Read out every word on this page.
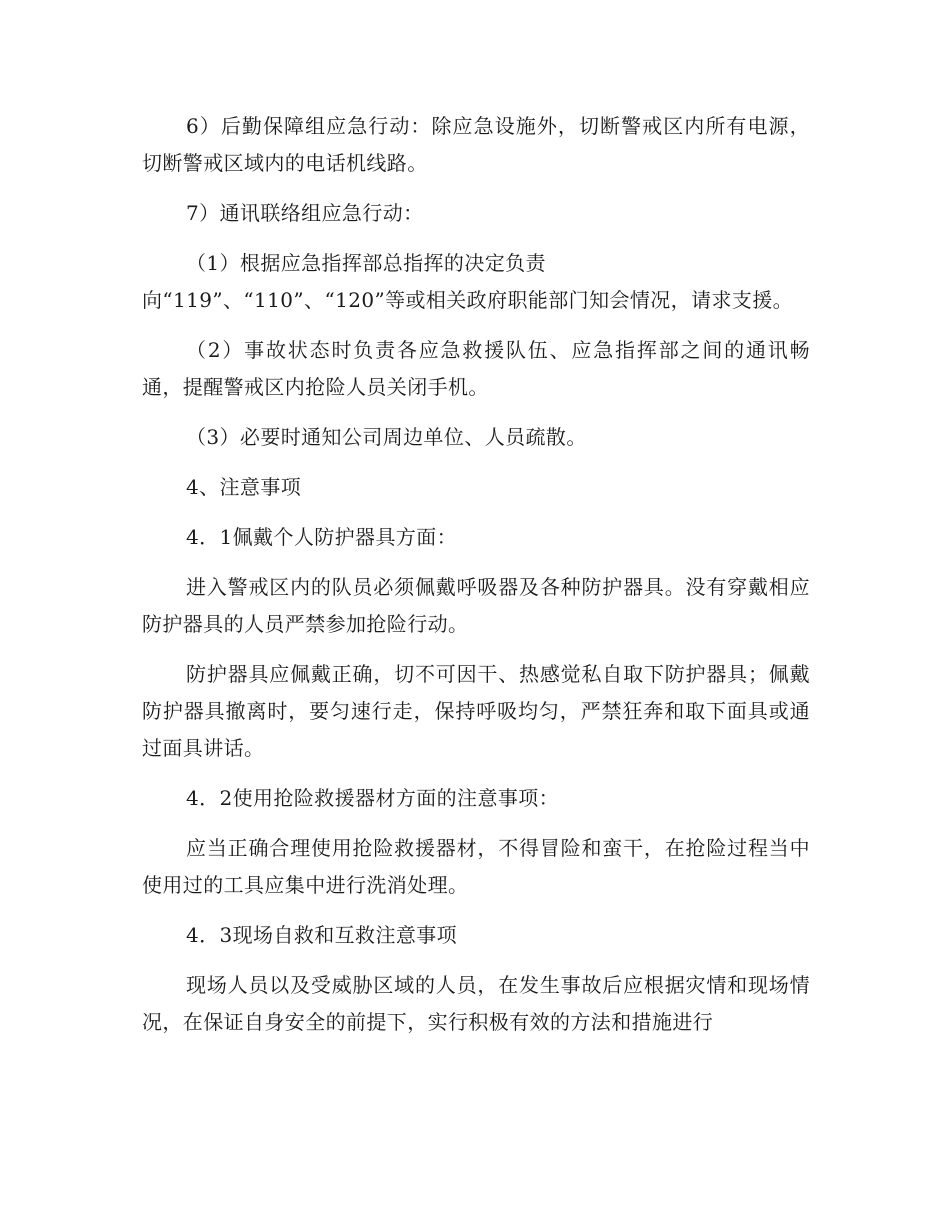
6）后勤保障组应急行动：除应急设施外，切断警戒区内所有电源，切断警戒区域内的电话机线路。

7）通讯联络组应急行动：

（1）根据应急指挥部总指挥的决定负责

向“119”、“110”、“120”等或相关政府职能部门知会情况，请求支援。

（2）事故状态时负责各应急救援队伍、应急指挥部之间的通讯畅通，提醒警戒区内抢险人员关闭手机。

（3）必要时通知公司周边单位、人员疏散。

4、注意事项

4．1佩戴个人防护器具方面：

进入警戒区内的队员必须佩戴呼吸器及各种防护器具。没有穿戴相应防护器具的人员严禁参加抢险行动。

防护器具应佩戴正确，切不可因干、热感觉私自取下防护器具；佩戴防护器具撤离时，要匀速行走，保持呼吸均匀，严禁狂奔和取下面具或通过面具讲话。

4．2使用抢险救援器材方面的注意事项：

应当正确合理使用抢险救援器材，不得冒险和蛮干，在抢险过程当中使用过的工具应集中进行洗消处理。

4．3现场自救和互救注意事项

现场人员以及受威胁区域的人员，在发生事故后应根据灾情和现场情况，在保证自身安全的前提下，实行积极有效的方法和措施进行
